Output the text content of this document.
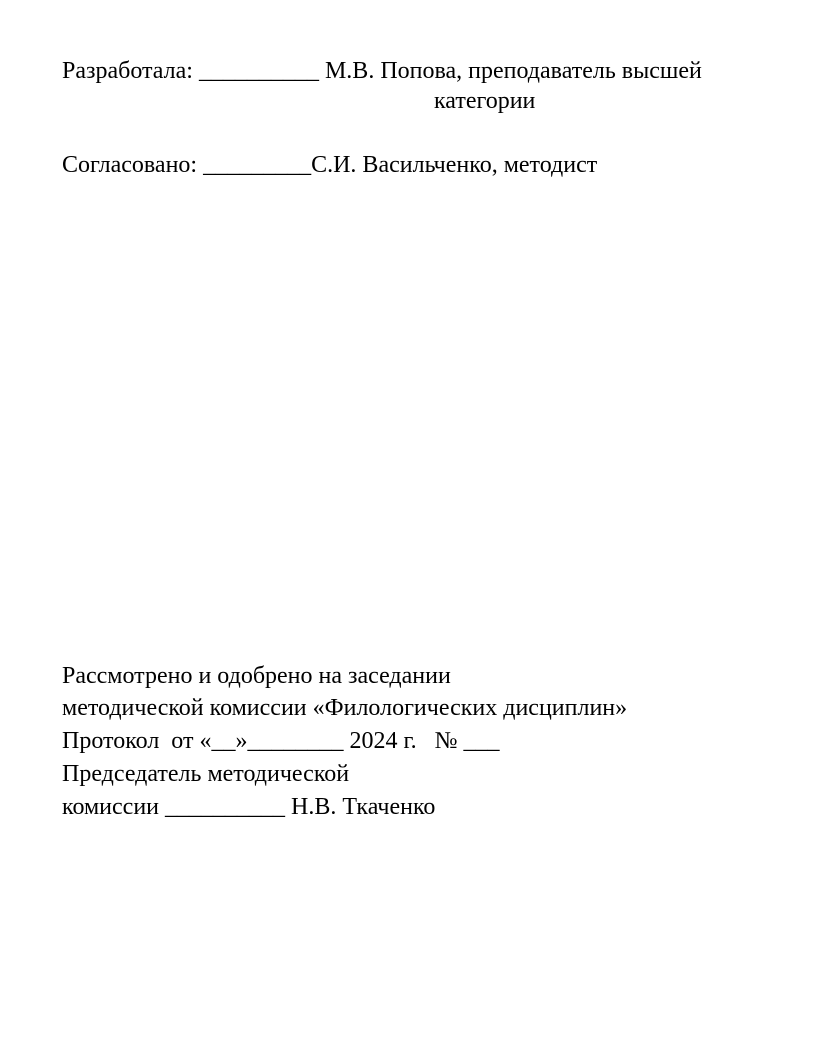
Разработала: __________ М.В. Попова, преподаватель высшей
категории
Согласовано: _________С.И. Васильченко, методист
Рассмотрено и одобрено на заседании
методической комиссии «Филологических дисциплин»
Протокол  от «__»________ 2024 г.   № ___
Председатель методической
комиссии __________ Н.В. Ткаченко
